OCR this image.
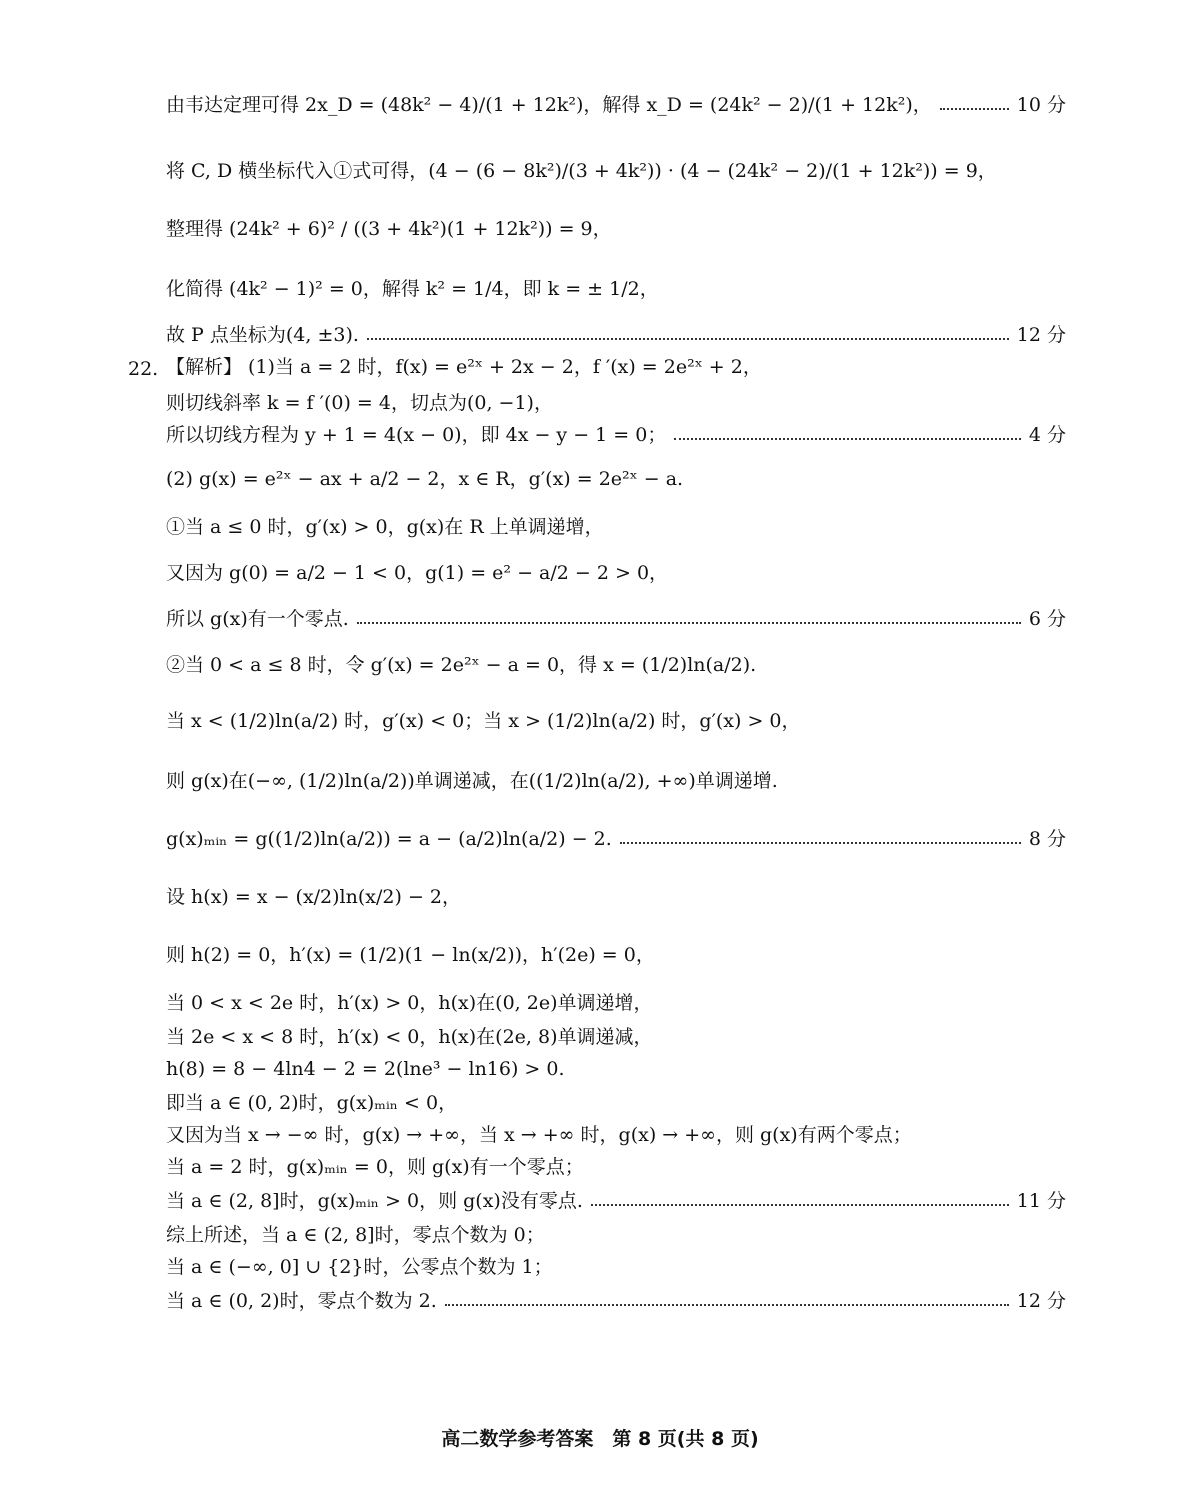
22.
由韦达定理可得 2x_D = (48k² − 4)/(1 + 12k²)，解得 x_D = (24k² − 2)/(1 + 12k²)，	10 分
将 C, D 横坐标代入①式可得，(4 − (6 − 8k²)/(3 + 4k²)) · (4 − (24k² − 2)/(1 + 12k²)) = 9，
整理得 (24k² + 6)² / ((3 + 4k²)(1 + 12k²)) = 9，
化简得 (4k² − 1)² = 0，解得 k² = 1/4，即 k = ± 1/2，
故 P 点坐标为(4, ±3).	12 分
【解析】 (1)当 a = 2 时，f(x) = e²ˣ + 2x − 2，f ′(x) = 2e²ˣ + 2，
则切线斜率 k = f ′(0) = 4，切点为(0, −1)，
所以切线方程为 y + 1 = 4(x − 0)，即 4x − y − 1 = 0；	4 分
(2) g(x) = e²ˣ − ax + a/2 − 2，x ∈ R，g′(x) = 2e²ˣ − a.
①当 a ≤ 0 时，g′(x) > 0，g(x)在 R 上单调递增，
又因为 g(0) = a/2 − 1 < 0，g(1) = e² − a/2 − 2 > 0，
所以 g(x)有一个零点.	6 分
②当 0 < a ≤ 8 时，令 g′(x) = 2e²ˣ − a = 0，得 x = (1/2)ln(a/2).
当 x < (1/2)ln(a/2) 时，g′(x) < 0；当 x > (1/2)ln(a/2) 时，g′(x) > 0，
则 g(x)在(−∞, (1/2)ln(a/2))单调递减，在((1/2)ln(a/2), +∞)单调递增.
g(x)ₘᵢₙ = g((1/2)ln(a/2)) = a − (a/2)ln(a/2) − 2.	8 分
设 h(x) = x − (x/2)ln(x/2) − 2，
则 h(2) = 0，h′(x) = (1/2)(1 − ln(x/2))，h′(2e) = 0，
当 0 < x < 2e 时，h′(x) > 0，h(x)在(0, 2e)单调递增，
当 2e < x < 8 时，h′(x) < 0，h(x)在(2e, 8)单调递减，
h(8) = 8 − 4ln4 − 2 = 2(lne³ − ln16) > 0.
即当 a ∈ (0, 2)时，g(x)ₘᵢₙ < 0，
又因为当 x → −∞ 时，g(x) → +∞，当 x → +∞ 时，g(x) → +∞，则 g(x)有两个零点；
当 a = 2 时，g(x)ₘᵢₙ = 0，则 g(x)有一个零点；
当 a ∈ (2, 8]时，g(x)ₘᵢₙ > 0，则 g(x)没有零点.	11 分
综上所述，当 a ∈ (2, 8]时，零点个数为 0；
当 a ∈ (−∞, 0] ∪ {2}时，公零点个数为 1；
当 a ∈ (0, 2)时，零点个数为 2.	12 分
高二数学参考答案　第 8 页(共 8 页)
